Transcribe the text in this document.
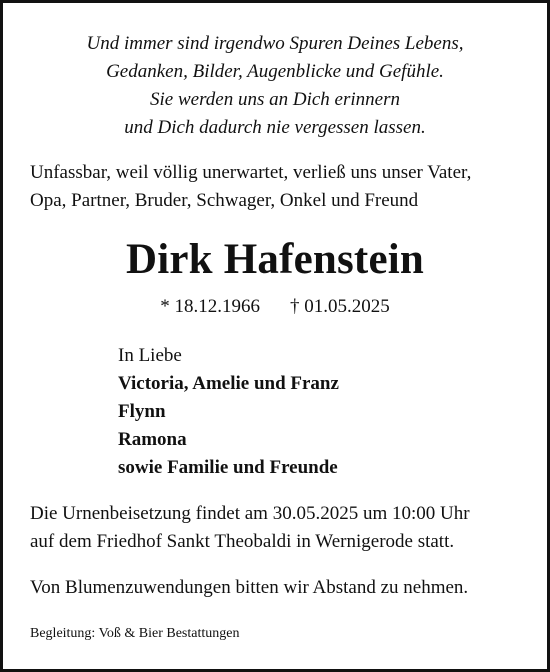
Und immer sind irgendwo Spuren Deines Lebens,
Gedanken, Bilder, Augenblicke und Gefühle.
Sie werden uns an Dich erinnern
und Dich dadurch nie vergessen lassen.
Unfassbar, weil völlig unerwartet, verließ uns unser Vater,
Opa, Partner, Bruder, Schwager, Onkel und Freund
Dirk Hafenstein
* 18.12.1966 † 01.05.2025
In Liebe
Victoria, Amelie und Franz
Flynn
Ramona
sowie Familie und Freunde
Die Urnenbeisetzung findet am 30.05.2025 um 10:00 Uhr
auf dem Friedhof Sankt Theobaldi in Wernigerode statt.
Von Blumenzuwendungen bitten wir Abstand zu nehmen.
Begleitung: Voß & Bier Bestattungen
